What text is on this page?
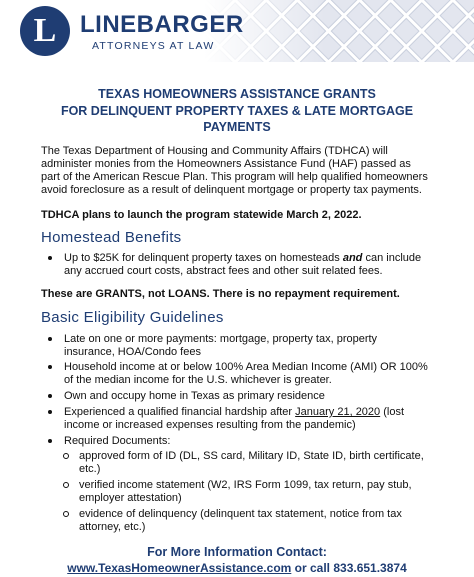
L LINEBARGER
ATTORNEYS AT LAW
TEXAS HOMEOWNERS ASSISTANCE GRANTS
FOR DELINQUENT PROPERTY TAXES & LATE MORTGAGE
PAYMENTS
The Texas Department of Housing and Community Affairs (TDHCA) will
administer monies from the Homeowners Assistance Fund (HAF) passed as
part of the American Rescue Plan. This program will help qualified homeowners
avoid foreclosure as a result of delinquent mortgage or property tax payments.
TDHCA plans to launch the program statewide March 2, 2022.
Homestead Benefits
Up to $25K for delinquent property taxes on homesteads and can include
any accrued court costs, abstract fees and other suit related fees.
These are GRANTS, not LOANS. There is no repayment requirement.
Basic Eligibility Guidelines
Late on one or more payments: mortgage, property tax, property
insurance, HOA/Condo fees
Household income at or below 100% Area Median Income (AMI) OR 100%
of the median income for the U.S. whichever is greater.
Own and occupy home in Texas as primary residence
Experienced a qualified financial hardship after January 21, 2020 (lost
income or increased expenses resulting from the pandemic)
Required Documents:
approved form of ID (DL, SS card, Military ID, State ID, birth certificate,
etc.)
verified income statement (W2, IRS Form 1099, tax return, pay stub,
employer attestation)
evidence of delinquency (delinquent tax statement, notice from tax
attorney, etc.)
For More Information Contact:
www.TexasHomeownerAssistance.com or call 833.651.3874
